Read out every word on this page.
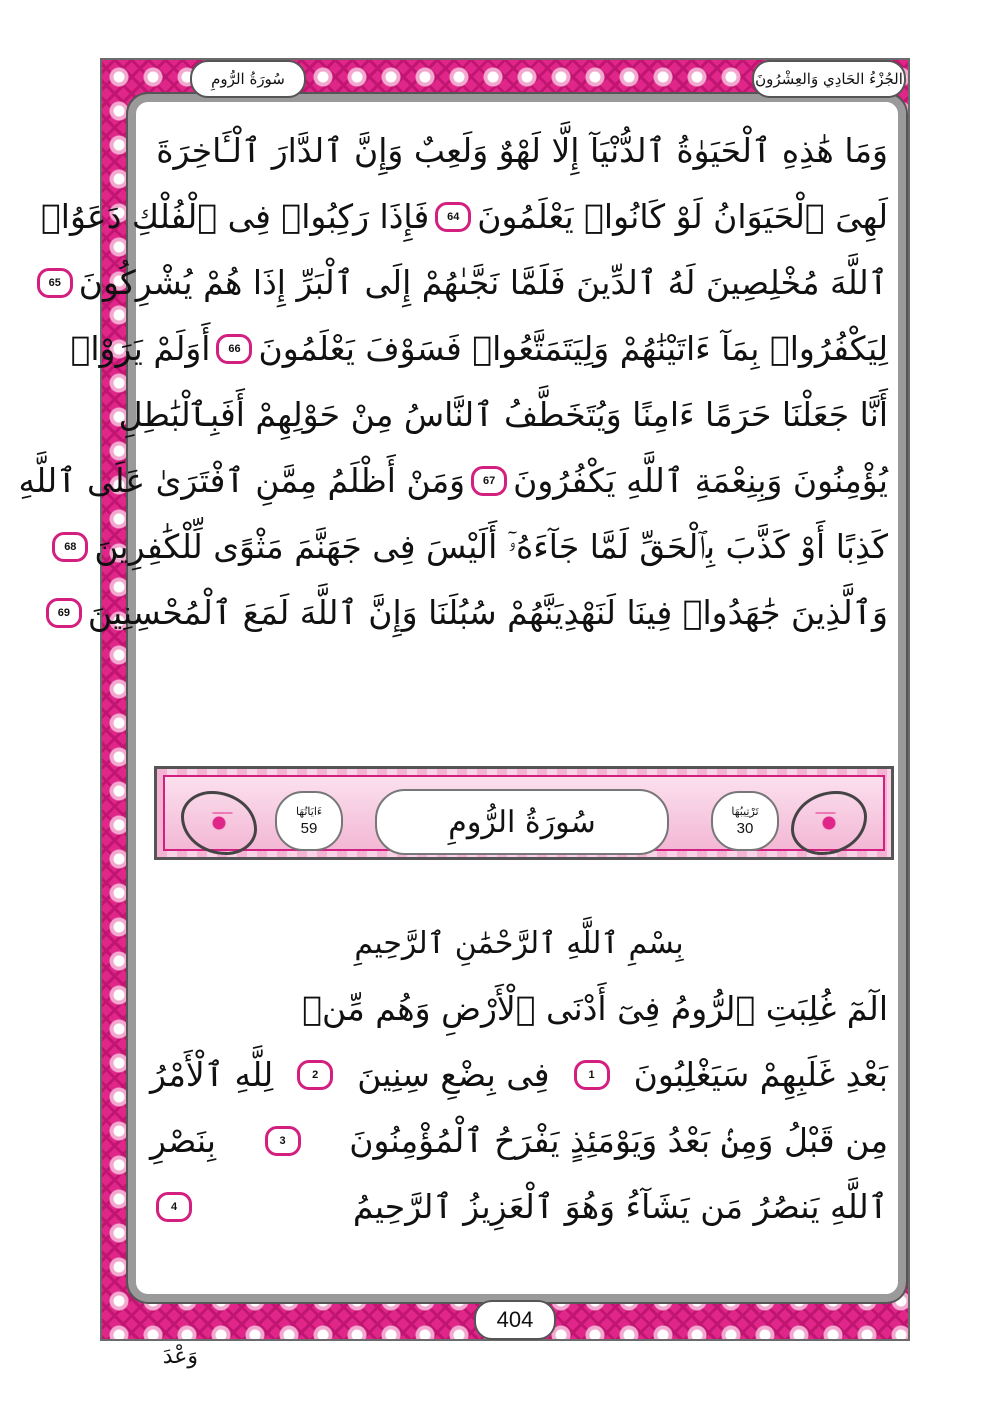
الجُزْءُ الحَادِي وَالعِشْرُونَ
سُورَةُ الرُّومِ
وَمَا هَٰذِهِ ٱلْحَيَوٰةُ ٱلدُّنْيَآ إِلَّا لَهْوٌ وَلَعِبٌ وَإِنَّ ٱلدَّارَ ٱلْـَٔاخِرَةَ
لَهِىَ ٱلْحَيَوَانُ لَوْ كَانُوا۟ يَعْلَمُونَ
64
فَإِذَا رَكِبُوا۟ فِى ٱلْفُلْكِ دَعَوُا۟
ٱللَّهَ مُخْلِصِينَ لَهُ ٱلدِّينَ فَلَمَّا نَجَّىٰهُمْ إِلَى ٱلْبَرِّ إِذَا هُمْ يُشْرِكُونَ
65
لِيَكْفُرُوا۟ بِمَآ ءَاتَيْنَٰهُمْ وَلِيَتَمَتَّعُوا۟ فَسَوْفَ يَعْلَمُونَ
66
أَوَلَمْ يَرَوْا۟
أَنَّا جَعَلْنَا حَرَمًا ءَامِنًا وَيُتَخَطَّفُ ٱلنَّاسُ مِنْ حَوْلِهِمْ أَفَبِٱلْبَٰطِلِ
يُؤْمِنُونَ وَبِنِعْمَةِ ٱللَّهِ يَكْفُرُونَ
67
وَمَنْ أَظْلَمُ مِمَّنِ ٱفْتَرَىٰ عَلَى ٱللَّهِ
كَذِبًا أَوْ كَذَّبَ بِٱلْحَقِّ لَمَّا جَآءَهُۥٓ أَلَيْسَ فِى جَهَنَّمَ مَثْوًى لِّلْكَٰفِرِينَ
68
وَٱلَّذِينَ جَٰهَدُوا۟ فِينَا لَنَهْدِيَنَّهُمْ سُبُلَنَا وَإِنَّ ٱللَّهَ لَمَعَ ٱلْمُحْسِنِينَ
69
ءَايَاتُهَا
59	سُورَةُ الرُّومِ	تَرْتِيبُهَا
30
بِسْمِ ٱللَّهِ ٱلرَّحْمَٰنِ ٱلرَّحِيمِ
الٓمٓ غُلِبَتِ ٱلرُّومُ فِىٓ أَدْنَى ٱلْأَرْضِ وَهُم مِّنۢ
بَعْدِ غَلَبِهِمْ سَيَغْلِبُونَ
1
فِى بِضْعِ سِنِينَ
2
لِلَّهِ ٱلْأَمْرُ
مِن قَبْلُ وَمِنۢ بَعْدُ وَيَوْمَئِذٍ يَفْرَحُ ٱلْمُؤْمِنُونَ
3
بِنَصْرِ
ٱللَّهِ يَنصُرُ مَن يَشَآءُ وَهُوَ ٱلْعَزِيزُ ٱلرَّحِيمُ
4
404
وَعْدَ
